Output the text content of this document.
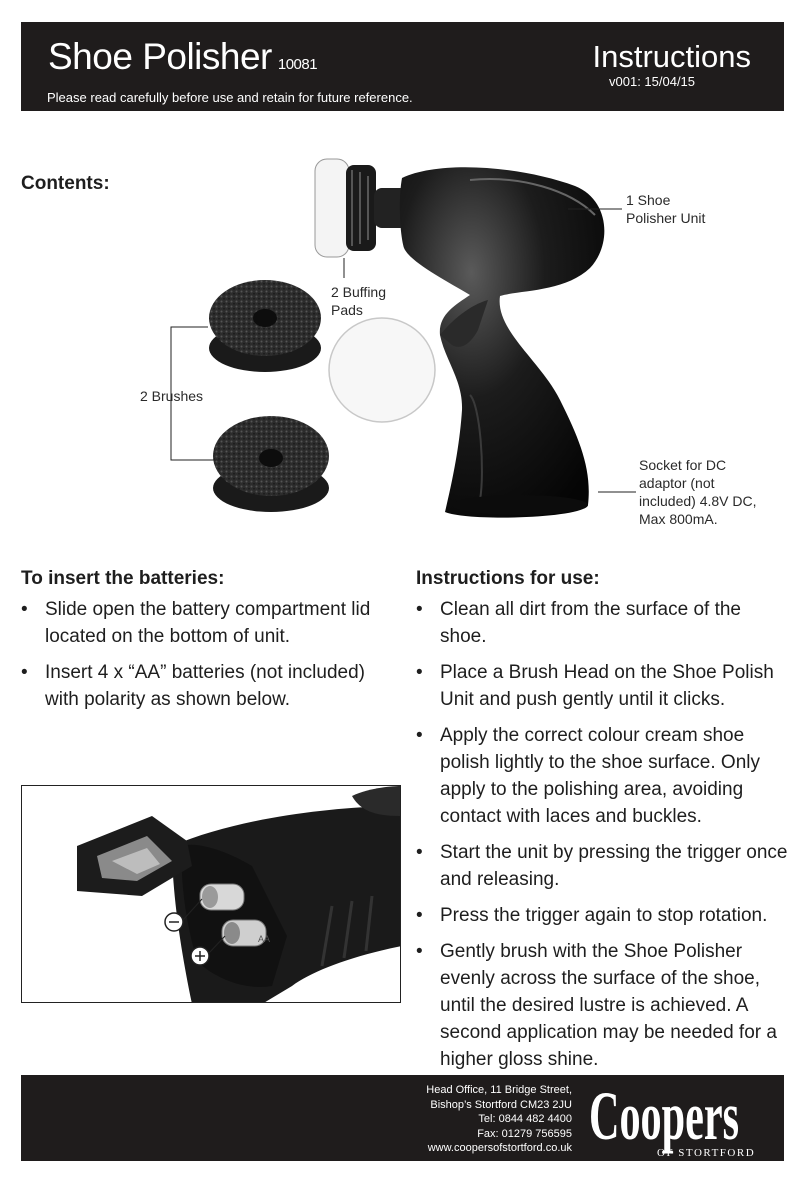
Shoe Polisher 10081
Please read carefully before use and retain for future reference.
Instructions
v001: 15/04/15
Contents:
1 Shoe
Polisher Unit
2 Buffing
Pads
2 Brushes
Socket for DC
adaptor (not
included) 4.8V DC,
Max 800mA.
To insert the batteries:
• Slide open the battery compartment lid located on the bottom of unit.
• Insert 4 x “AA” batteries (not included) with polarity as shown below.
AA
Instructions for use:
• Clean all dirt from the surface of the shoe.
• Place a Brush Head on the Shoe Polish Unit and push gently until it clicks.
• Apply the correct colour cream shoe polish lightly to the shoe surface. Only apply to the polishing area, avoiding contact with laces and buckles.
• Start the unit by pressing the trigger once and releasing.
• Press the trigger again to stop rotation.
• Gently brush with the Shoe Polisher evenly across the surface of the shoe, until the desired lustre is achieved. A second application may be needed for a higher gloss shine.
Head Office, 11 Bridge Street,
Bishop’s Stortford CM23 2JU
Tel: 0844 482 4400
Fax: 01279 756595
www.coopersofstortford.co.uk Coopers
OF STORTFORD
